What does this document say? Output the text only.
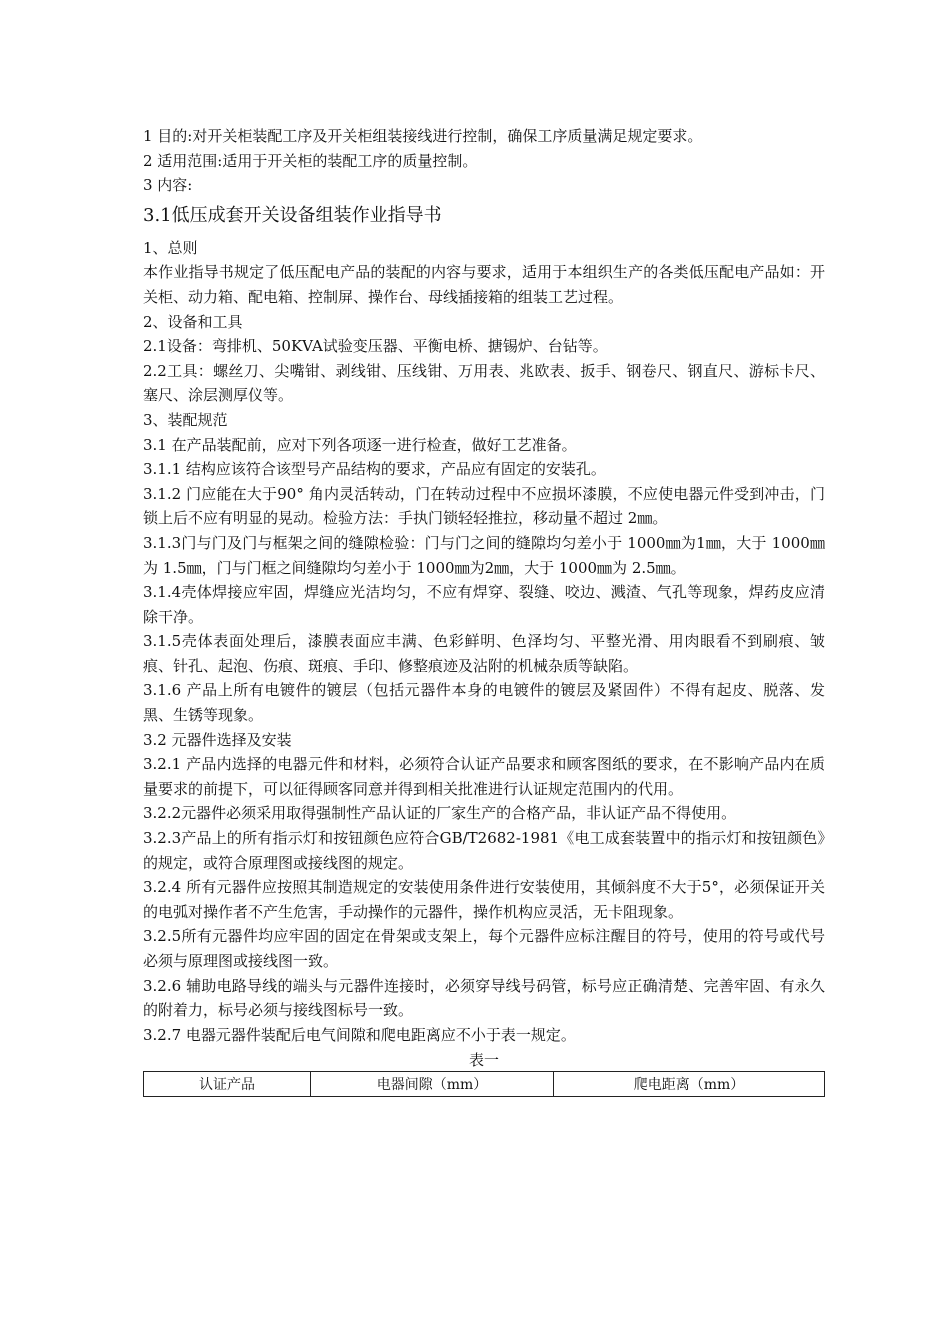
1 目的:对开关柜装配工序及开关柜组装接线进行控制，确保工序质量满足规定要求。
2 适用范围:适用于开关柜的装配工序的质量控制。
3 内容:
3.1低压成套开关设备组装作业指导书
1、总则
本作业指导书规定了低压配电产品的装配的内容与要求，适用于本组织生产的各类低压配电产品如：开关柜、动力箱、配电箱、控制屏、操作台、母线插接箱的组装工艺过程。
2、设备和工具
2.1设备：弯排机、50KVA试验变压器、平衡电桥、搪锡炉、台钻等。
2.2工具：螺丝刀、尖嘴钳、剥线钳、压线钳、万用表、兆欧表、扳手、钢卷尺、钢直尺、游标卡尺、塞尺、涂层测厚仪等。
3、装配规范
3.1 在产品装配前，应对下列各项逐一进行检查，做好工艺准备。
3.1.1 结构应该符合该型号产品结构的要求，产品应有固定的安装孔。
3.1.2 门应能在大于90° 角内灵活转动，门在转动过程中不应损坏漆膜，不应使电器元件受到冲击，门锁上后不应有明显的晃动。检验方法：手执门锁轻轻推拉，移动量不超过 2㎜。
3.1.3门与门及门与框架之间的缝隙检验：门与门之间的缝隙均匀差小于 1000㎜为1㎜，大于 1000㎜为 1.5㎜，门与门框之间缝隙均匀差小于 1000㎜为2㎜，大于 1000㎜为 2.5㎜。
3.1.4壳体焊接应牢固，焊缝应光洁均匀，不应有焊穿、裂缝、咬边、溅渣、气孔等现象，焊药皮应清除干净。
3.1.5壳体表面处理后，漆膜表面应丰满、色彩鲜明、色泽均匀、平整光滑、用肉眼看不到刷痕、皱痕、针孔、起泡、伤痕、斑痕、手印、修整痕迹及沾附的机械杂质等缺陷。
3.1.6 产品上所有电镀件的镀层（包括元器件本身的电镀件的镀层及紧固件）不得有起皮、脱落、发黑、生锈等现象。
3.2 元器件选择及安装
3.2.1 产品内选择的电器元件和材料，必须符合认证产品要求和顾客图纸的要求，在不影响产品内在质量要求的前提下，可以征得顾客同意并得到相关批准进行认证规定范围内的代用。
3.2.2元器件必须采用取得强制性产品认证的厂家生产的合格产品，非认证产品不得使用。
3.2.3产品上的所有指示灯和按钮颜色应符合GB/T2682-1981《电工成套装置中的指示灯和按钮颜色》的规定，或符合原理图或接线图的规定。
3.2.4 所有元器件应按照其制造规定的安装使用条件进行安装使用，其倾斜度不大于5°，必须保证开关的电弧对操作者不产生危害，手动操作的元器件，操作机构应灵活，无卡阻现象。
3.2.5所有元器件均应牢固的固定在骨架或支架上，每个元器件应标注醒目的符号，使用的符号或代号必须与原理图或接线图一致。
3.2.6 辅助电路导线的端头与元器件连接时，必须穿导线号码管，标号应正确清楚、完善牢固、有永久的附着力，标号必须与接线图标号一致。
3.2.7 电器元器件装配后电气间隙和爬电距离应不小于表一规定。
表一
认证产品	电器间隙（mm）	爬电距离（mm）
